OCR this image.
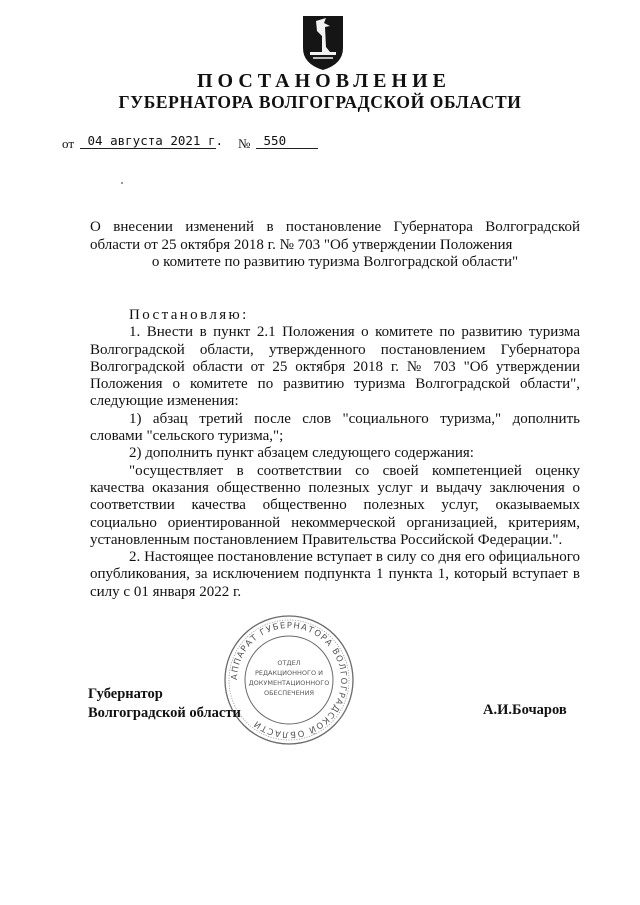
ПОСТАНОВЛЕНИЕ
ГУБЕРНАТОРА ВОЛГОГРАДСКОЙ ОБЛАСТИ
от	04 августа 2021 г. №	550
О внесении изменений в постановление Губернатора Волгоградской области от 25 октября 2018 г. № 703 "Об утверждении Положения
о комитете по развитию туризма Волгоградской области"

Постановляю:

1. Внести в пункт 2.1 Положения о комитете по развитию туризма Волгоградской области, утвержденного постановлением Губернатора Волгоградской области от 25 октября 2018 г. № 703 "Об утверждении Положения о комитете по развитию туризма Волгоградской области", следующие изменения:

1) абзац третий после слов "социального туризма," дополнить словами "сельского туризма,";

2) дополнить пункт абзацем следующего содержания:

"осуществляет в соответствии со своей компетенцией оценку качества оказания общественно полезных услуг и выдачу заключения о соответствии качества общественно полезных услуг, оказываемых социально ориентированной некоммерческой организацией, критериям, установленным постановлением Правительства Российской Федерации.".

2. Настоящее постановление вступает в силу со дня его официального опубликования, за исключением подпункта 1 пункта 1, который вступает в силу с 01 января 2022 г.

АППАРАТ ГУБЕРНАТОРА ВОЛГОГРАДСКОЙ ОБЛАСТИ
ОТДЕЛ
РЕДАКЦИОННОГО И
ДОКУМЕНТАЦИОННОГО
ОБЕСПЕЧЕНИЯ
Губернатор
Волгоградской области	А.И.Бочаров
